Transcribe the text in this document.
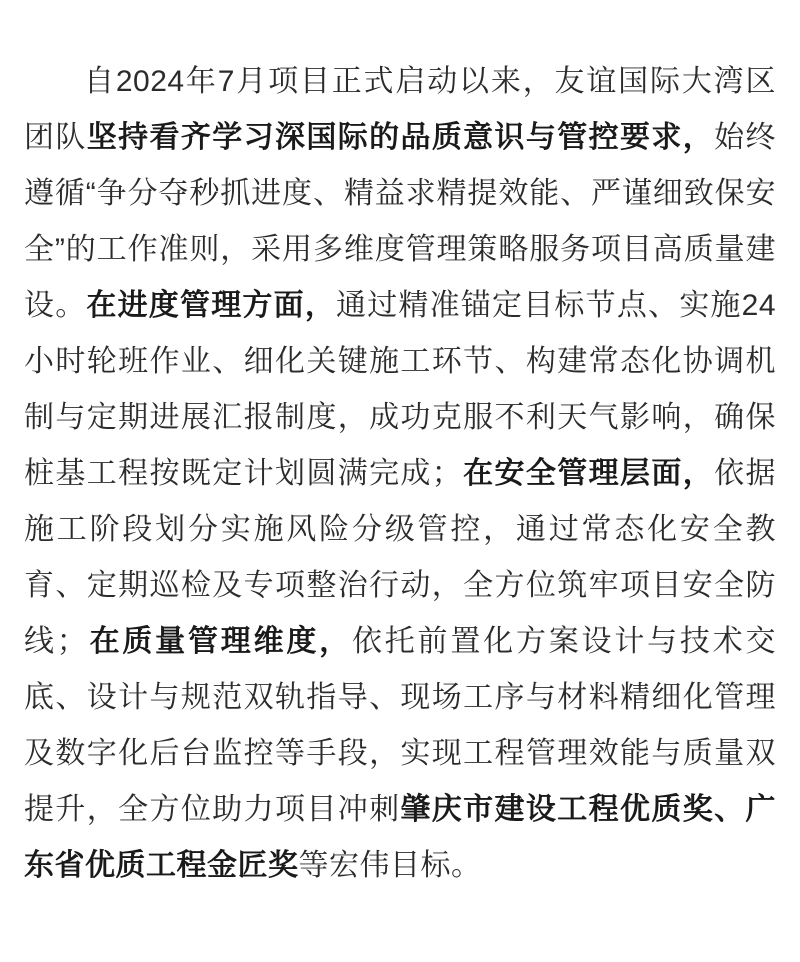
自2024年7月项目正式启动以来，友谊国际大湾区团队坚持看齐学习深国际的品质意识与管控要求，始终遵循“争分夺秒抓进度、精益求精提效能、严谨细致保安全”的工作准则，采用多维度管理策略服务项目高质量建设。在进度管理方面，通过精准锚定目标节点、实施24小时轮班作业、细化关键施工环节、构建常态化协调机制与定期进展汇报制度，成功克服不利天气影响，确保桩基工程按既定计划圆满完成；在安全管理层面，依据施工阶段划分实施风险分级管控，通过常态化安全教育、定期巡检及专项整治行动，全方位筑牢项目安全防线；在质量管理维度，依托前置化方案设计与技术交底、设计与规范双轨指导、现场工序与材料精细化管理及数字化后台监控等手段，实现工程管理效能与质量双提升，全方位助力项目冲刺肇庆市建设工程优质奖、广东省优质工程金匠奖等宏伟目标。
